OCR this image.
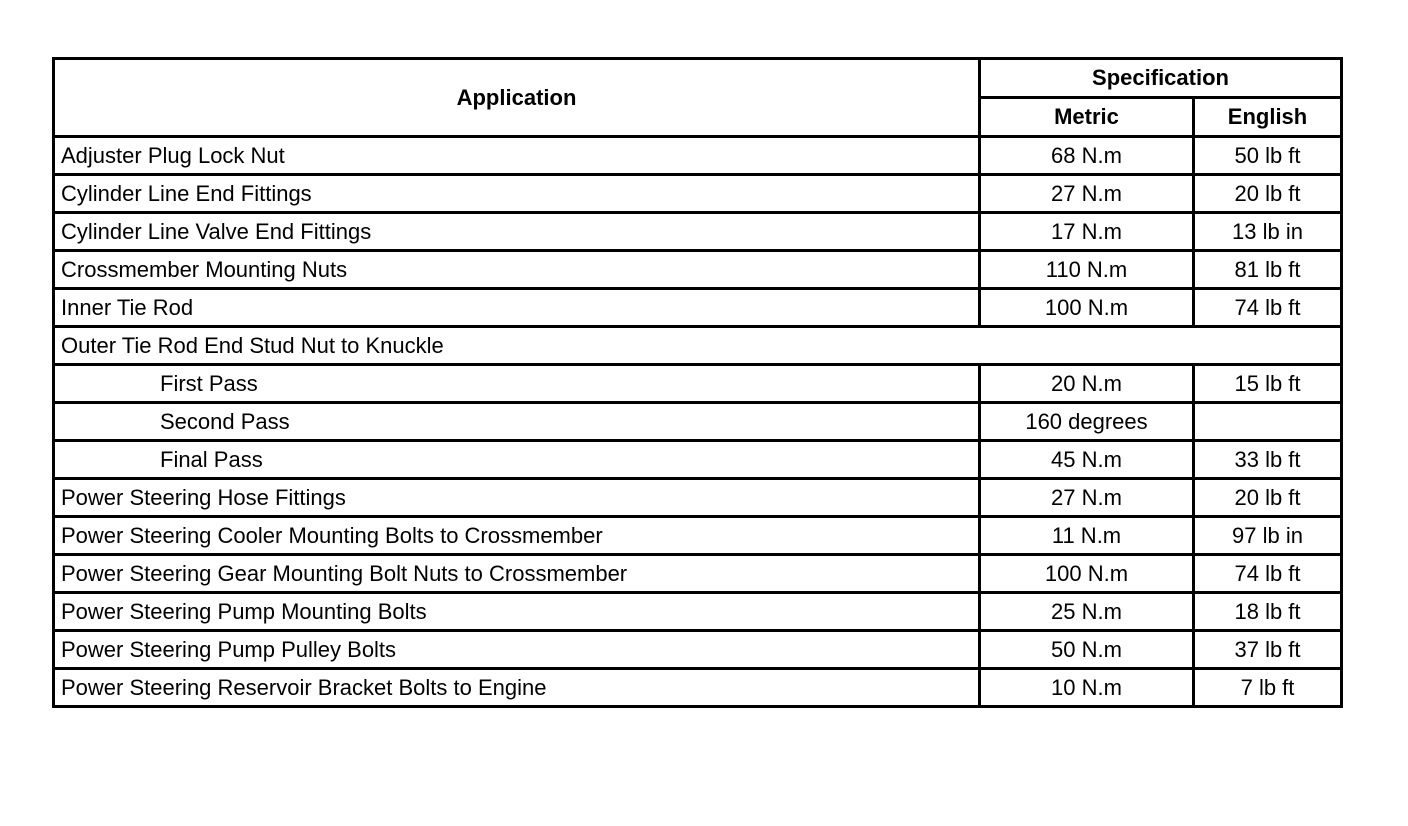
Application	Specification	
	Metric	English
Adjuster Plug Lock Nut	68 N.m	50 lb ft
Cylinder Line End Fittings	27 N.m	20 lb ft
Cylinder Line Valve End Fittings	17 N.m	13 lb in
Crossmember Mounting Nuts	110 N.m	81 lb ft
Inner Tie Rod	100 N.m	74 lb ft
Outer Tie Rod End Stud Nut to Knuckle		
First Pass	20 N.m	15 lb ft
Second Pass	160 degrees	
Final Pass	45 N.m	33 lb ft
Power Steering Hose Fittings	27 N.m	20 lb ft
Power Steering Cooler Mounting Bolts to Crossmember	11 N.m	97 lb in
Power Steering Gear Mounting Bolt Nuts to Crossmember	100 N.m	74 lb ft
Power Steering Pump Mounting Bolts	25 N.m	18 lb ft
Power Steering Pump Pulley Bolts	50 N.m	37 lb ft
Power Steering Reservoir Bracket Bolts to Engine	10 N.m	7 lb ft
